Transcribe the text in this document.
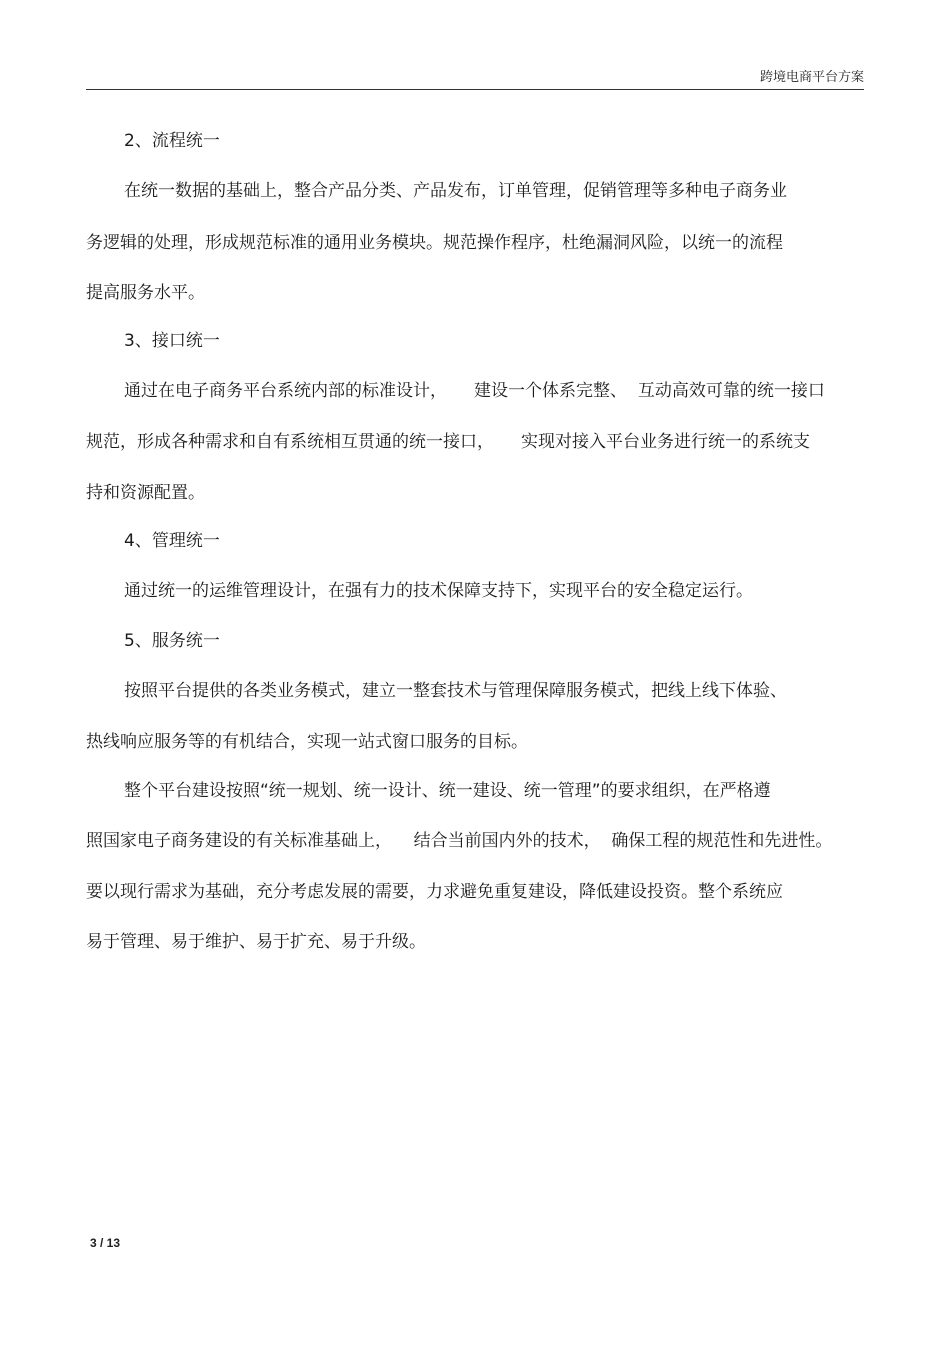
跨境电商平台方案
2、流程统一
在统一数据的基础上，整合产品分类、产品发布，订单管理，促销管理等多种电子商务业
务逻辑的处理，形成规范标准的通用业务模块。规范操作程序，杜绝漏洞风险，以统一的流程
提高服务水平。
3、接口统一
通过在电子商务平台系统内部的标准设计，     建设一个体系完整、  互动高效可靠的统一接口
规范，形成各种需求和自有系统相互贯通的统一接口，     实现对接入平台业务进行统一的系统支
持和资源配置。
4、管理统一
通过统一的运维管理设计，在强有力的技术保障支持下，实现平台的安全稳定运行。
5、服务统一
按照平台提供的各类业务模式，建立一整套技术与管理保障服务模式，把线上线下体验、
热线响应服务等的有机结合，实现一站式窗口服务的目标。
整个平台建设按照“统一规划、统一设计、统一建设、统一管理”的要求组织，在严格遵
照国家电子商务建设的有关标准基础上，    结合当前国内外的技术，  确保工程的规范性和先进性。
要以现行需求为基础，充分考虑发展的需要，力求避免重复建设，降低建设投资。整个系统应
易于管理、易于维护、易于扩充、易于升级。
3 / 13
